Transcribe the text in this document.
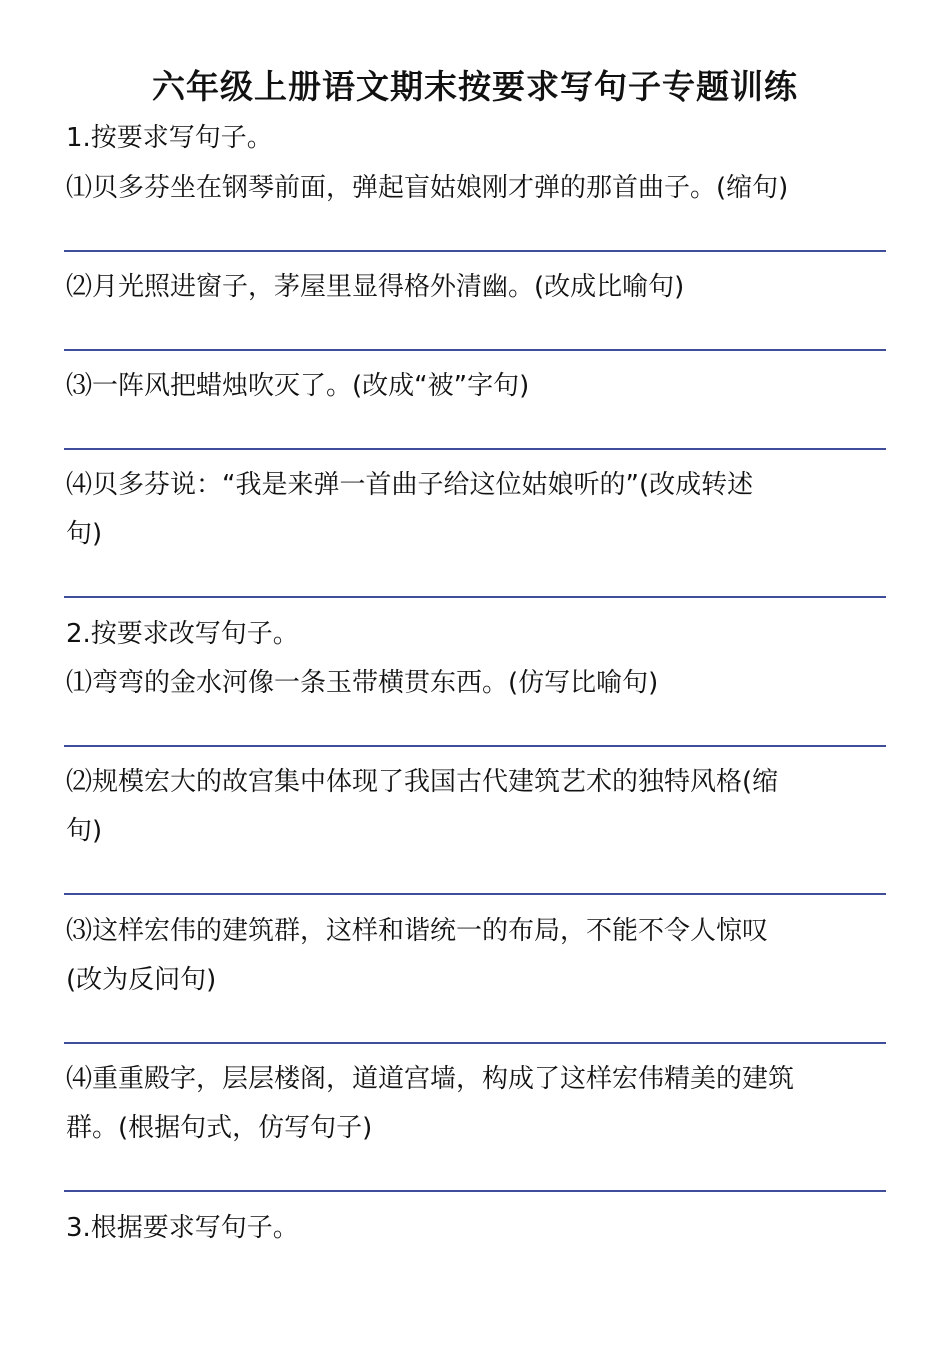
六年级上册语文期末按要求写句子专题训练
1.按要求写句子。
⑴贝多芬坐在钢琴前面，弹起盲姑娘刚才弹的那首曲子。(缩句)
⑵月光照进窗子，茅屋里显得格外清幽。(改成比喻句)
⑶一阵风把蜡烛吹灭了。(改成“被”字句)
⑷贝多芬说：“我是来弹一首曲子给这位姑娘听的”(改成转述
句)
2.按要求改写句子。
⑴弯弯的金水河像一条玉带横贯东西。(仿写比喻句)
⑵规模宏大的故宫集中体现了我国古代建筑艺术的独特风格(缩
句)
⑶这样宏伟的建筑群，这样和谐统一的布局，不能不令人惊叹
(改为反问句)
⑷重重殿字，层层楼阁，道道宫墙，构成了这样宏伟精美的建筑
群。(根据句式，仿写句子)
3.根据要求写句子。
